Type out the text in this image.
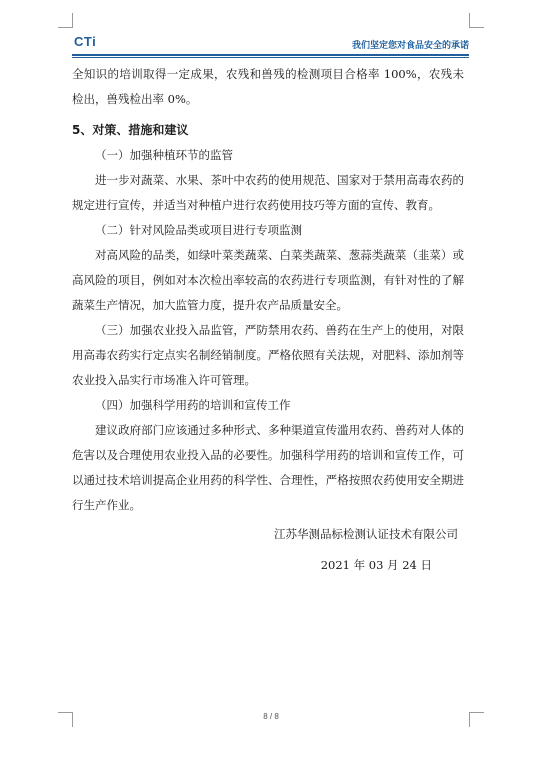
CTi	我们坚定您对食品安全的承诺

全知识的培训取得一定成果，农残和兽残的检测项目合格率 100%，农残未检出，兽残检出率 0%。

5、对策、措施和建议

（一）加强种植环节的监管

进一步对蔬菜、水果、茶叶中农药的使用规范、国家对于禁用高毒农药的规定进行宣传，并适当对种植户进行农药使用技巧等方面的宣传、教育。

（二）针对风险品类或项目进行专项监测

对高风险的品类，如绿叶菜类蔬菜、白菜类蔬菜、葱蒜类蔬菜（韭菜）或高风险的项目，例如对本次检出率较高的农药进行专项监测，有针对性的了解蔬菜生产情况，加大监管力度，提升农产品质量安全。

（三）加强农业投入品监管，严防禁用农药、兽药在生产上的使用，对限用高毒农药实行定点实名制经销制度。严格依照有关法规，对肥料、添加剂等农业投入品实行市场准入许可管理。

（四）加强科学用药的培训和宣传工作

建议政府部门应该通过多种形式、多种渠道宣传滥用农药、兽药对人体的危害以及合理使用农业投入品的必要性。加强科学用药的培训和宣传工作，可以通过技术培训提高企业用药的科学性、合理性，严格按照农药使用安全期进行生产作业。

江苏华测品标检测认证技术有限公司

2021 年 03 月 24 日

8 / 8
